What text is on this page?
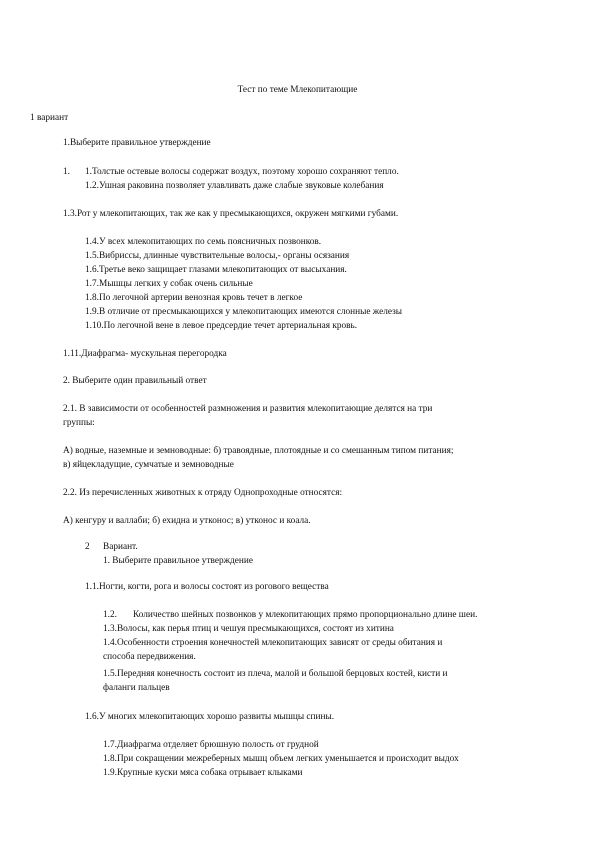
Тест по теме Млекопитающие
1 вариант
1.Выберите правильное утверждение
1. 1.Толстые остевые волосы содержат воздух, поэтому хорошо сохраняют тепло.
1.2.Ушная раковина позволяет улавливать даже слабые звуковые колебания
1.3.Рот у млекопитающих, так же как у пресмыкающихся, окружен мягкими губами.
1.4.У всех млекопитающих по семь поясничных позвонков.
1.5.Вибриссы, длинные чувствительные волосы,- органы осязания
1.6.Третье веко защищает глазами млекопитающих от высыхания.
1.7.Мышцы легких у собак очень сильные
1.8.По легочной артерии венозная кровь течет в легкое
1.9.В отличие от пресмыкающихся у млекопитающих имеются слонные железы
1.10.По легочной вене в левое предсердие течет артериальная кровь.
1.11.Диафрагма- мускульная перегородка
2. Выберите один правильный ответ
2.1. В зависимости от особенностей размножения и развития млекопитающие делятся на три
группы:
А) водные, наземные и земноводные: б) травоядные, плотоядные и со смешанным типом питания;
в) яйцекладущие, сумчатые и земноводные
2.2. Из перечисленных животных к отряду Однопроходные относятся:
А) кенгуру и валлаби; б) ехидна и утконос; в) утконос и коала.
2 Вариант.
1. Выберите правильное утверждение
1.1.Ногти, когти, рога и волосы состоят из рогового вещества
1.2. Количество шейных позвонков у млекопитающих прямо пропорционально длине шеи.
1.3.Волосы, как перья птиц и чешуя пресмыкающихся, состоят из хитина
1.4.Особенности строения конечностей млекопитающих зависят от среды обитания и
способа передвижения.
1.5.Передняя конечность состоит из плеча, малой и большой берцовых костей, кисти и
фаланги пальцев
1.6.У многих млекопитающих хорошо развиты мышцы спины.
1.7.Диафрагма отделяет брюшную полость от грудной
1.8.При сокращении межреберных мышц объем легких уменьшается и происходит выдох
1.9.Крупные куски мяса собака отрывает клыками
